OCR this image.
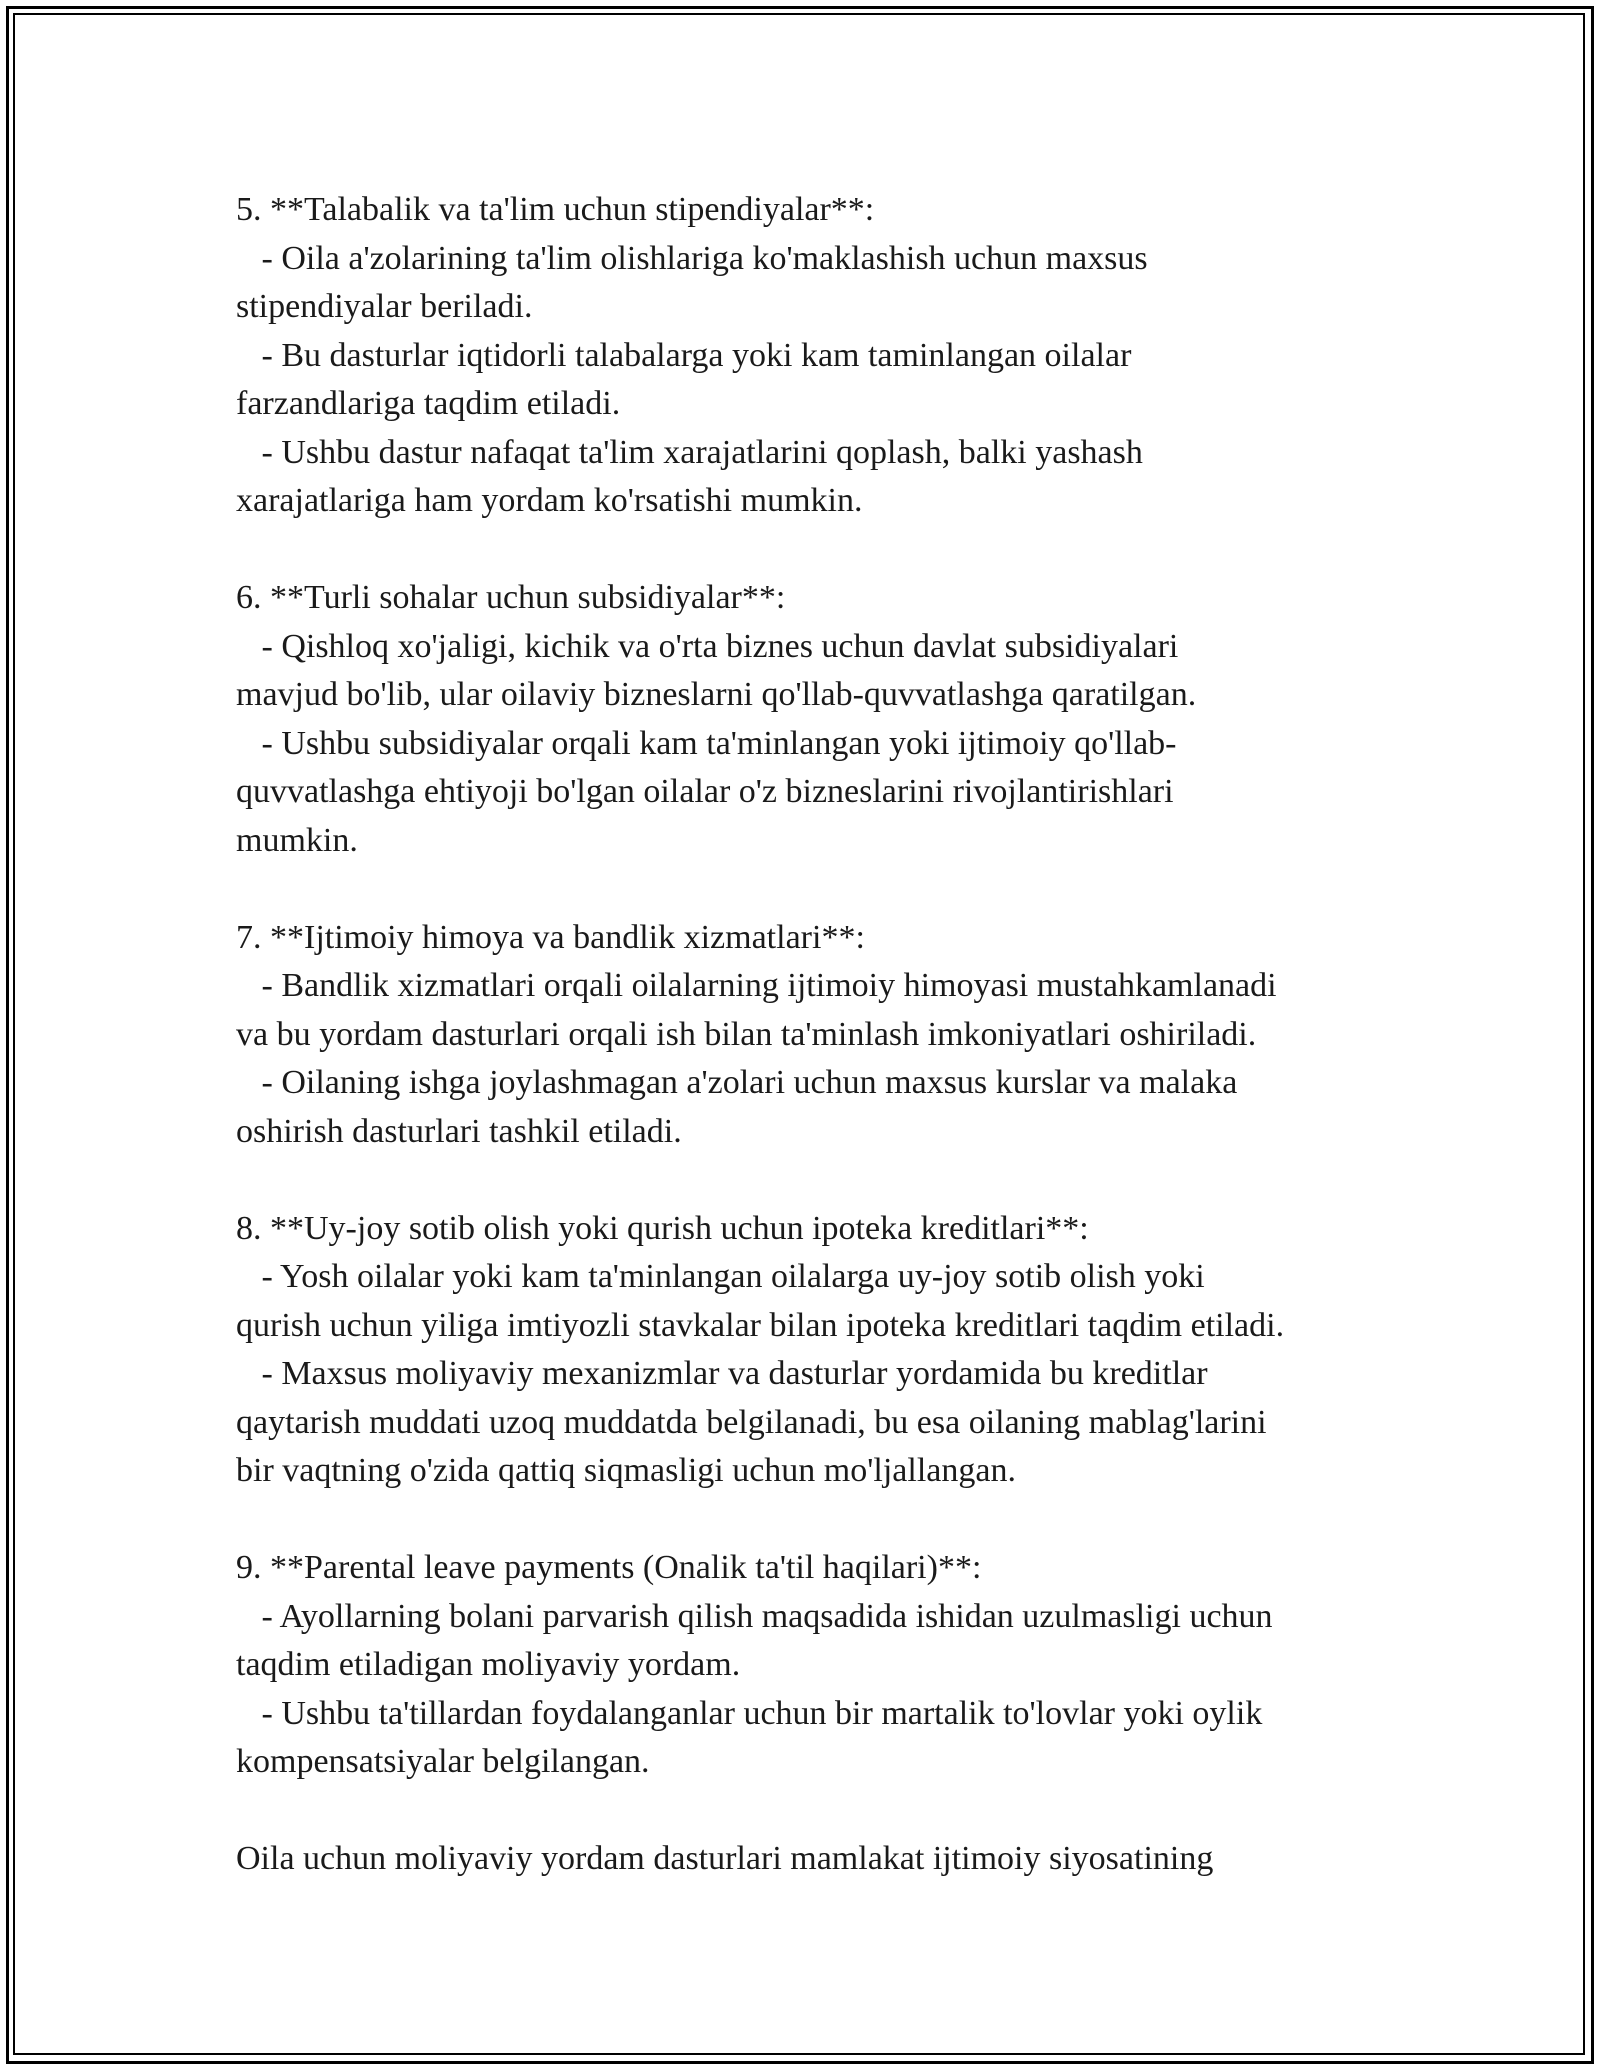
5. **Talabalik va ta'lim uchun stipendiyalar**:
- Oila a'zolarining ta'lim olishlariga ko'maklashish uchun maxsus
stipendiyalar beriladi.
- Bu dasturlar iqtidorli talabalarga yoki kam taminlangan oilalar
farzandlariga taqdim etiladi.
- Ushbu dastur nafaqat ta'lim xarajatlarini qoplash, balki yashash
xarajatlariga ham yordam ko'rsatishi mumkin.
6. **Turli sohalar uchun subsidiyalar**:
- Qishloq xo'jaligi, kichik va o'rta biznes uchun davlat subsidiyalari
mavjud bo'lib, ular oilaviy bizneslarni qo'llab-quvvatlashga qaratilgan.
- Ushbu subsidiyalar orqali kam ta'minlangan yoki ijtimoiy qo'llab-
quvvatlashga ehtiyoji bo'lgan oilalar o'z bizneslarini rivojlantirishlari
mumkin.
7. **Ijtimoiy himoya va bandlik xizmatlari**:
- Bandlik xizmatlari orqali oilalarning ijtimoiy himoyasi mustahkamlanadi
va bu yordam dasturlari orqali ish bilan ta'minlash imkoniyatlari oshiriladi.
- Oilaning ishga joylashmagan a'zolari uchun maxsus kurslar va malaka
oshirish dasturlari tashkil etiladi.
8. **Uy-joy sotib olish yoki qurish uchun ipoteka kreditlari**:
- Yosh oilalar yoki kam ta'minlangan oilalarga uy-joy sotib olish yoki
qurish uchun yiliga imtiyozli stavkalar bilan ipoteka kreditlari taqdim etiladi.
- Maxsus moliyaviy mexanizmlar va dasturlar yordamida bu kreditlar
qaytarish muddati uzoq muddatda belgilanadi, bu esa oilaning mablag'larini
bir vaqtning o'zida qattiq siqmasligi uchun mo'ljallangan.
9. **Parental leave payments (Onalik ta'til haqilari)**:
- Ayollarning bolani parvarish qilish maqsadida ishidan uzulmasligi uchun
taqdim etiladigan moliyaviy yordam.
- Ushbu ta'tillardan foydalanganlar uchun bir martalik to'lovlar yoki oylik
kompensatsiyalar belgilangan.

Oila uchun moliyaviy yordam dasturlari mamlakat ijtimoiy siyosatining
